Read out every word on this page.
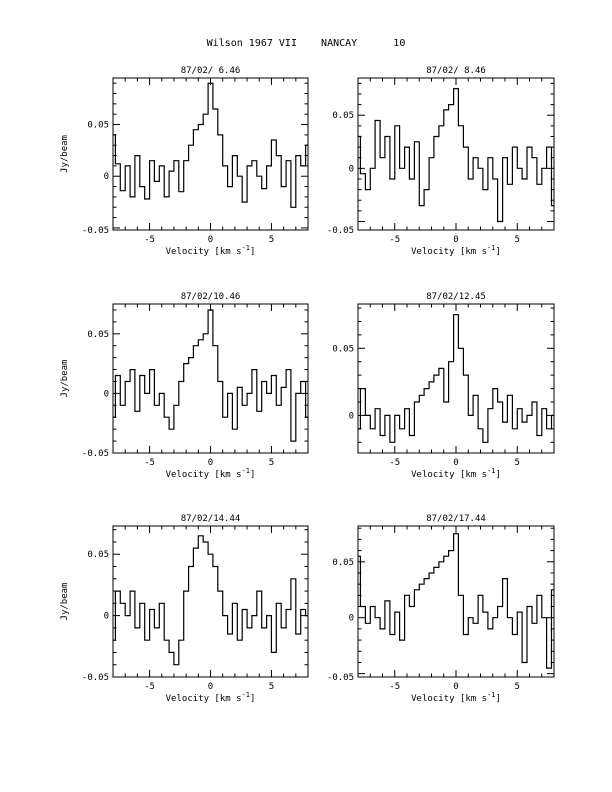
Wilson 1967 VII    NANCAY      10
87/02/ 6.46
-5	0	5
0
0.05
-0.05
Velocity [km $s^{-1}$]
Jy/beam
87/02/ 8.46
-5	0	5
0
0.05
-0.05
Velocity [km $s^{-1}$]
87/02/10.46
-5	0	5
0
0.05
-0.05
Velocity [km $s^{-1}$]
Jy/beam
87/02/12.45
-5	0	5
0
0.05
Velocity [km $s^{-1}$]
87/02/14.44
-5	0	5
0
0.05
-0.05
Velocity [km $s^{-1}$]
Jy/beam
87/02/17.44
-5	0	5
0
0.05
-0.05
Velocity [km $s^{-1}$]
